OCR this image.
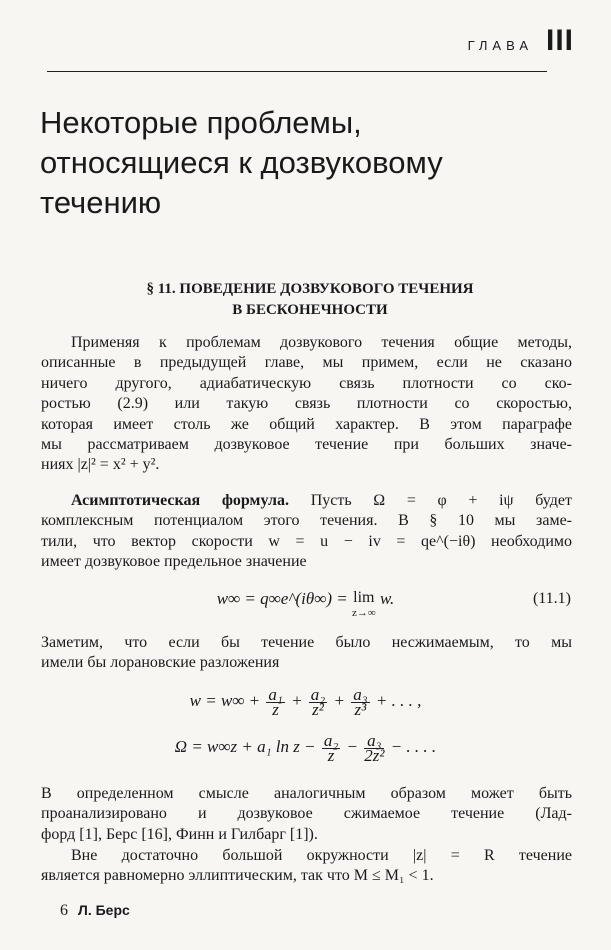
ГЛАВА III
Некоторые проблемы,
относящиеся к дозвуковому
течению
§ 11. ПОВЕДЕНИЕ ДОЗВУКОВОГО ТЕЧЕНИЯ
В БЕСКОНЕЧНОСТИ
Применяя к проблемам дозвукового течения общие методы,
описанные в предыдущей главе, мы примем, если не сказано
ничего другого, адиабатическую связь плотности со ско-
ростью (2.9) или такую связь плотности со скоростью,
которая имеет столь же общий характер. В этом параграфе
мы рассматриваем дозвуковое течение при больших значе-
ниях |z|² = x² + y².
Асимптотическая формула. Пусть Ω = φ + iψ будет
комплексным потенциалом этого течения. В § 10 мы заме-
тили, что вектор скорости w = u − iv = qe^(−iθ) необходимо
имеет дозвуковое предельное значение
w∞ = q∞e^(iθ∞) = lim
z→∞
w.	(11.1)
Заметим, что если бы течение было несжимаемым, то мы
имели бы лорановские разложения
$w = w\infty + \frac{\text{a₁}}{z} + \frac{\text{a₂}}{\text{z²}} + \frac{\text{a₃}}{\text{z³}}$ + . . . ,
Ω = w∞z + a₁ $\ln z - \frac{\text{a₂}}{z} - \frac{\text{a₃}}{\text{2z²}}$ − . . . .
В определенном смысле аналогичным образом может быть
проанализировано и дозвуковое сжимаемое течение (Лад-
форд [1], Берс [16], Финн и Гилбарг [1]).
Вне достаточно большой окружности |z| = R течение
является равномерно эллиптическим, так что M ≤ M₁ < 1.
6 Л. Берс
